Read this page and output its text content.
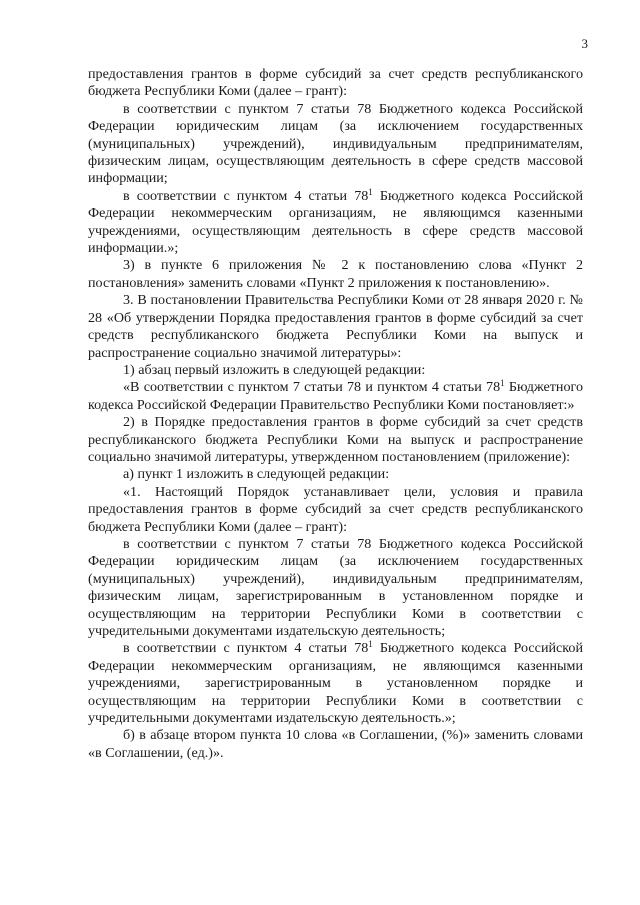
3

предоставления грантов в форме субсидий за счет средств республиканского бюджета Республики Коми (далее – грант):

в соответствии с пунктом 7 статьи 78 Бюджетного кодекса Российской Федерации юридическим лицам (за исключением государственных (муниципальных) учреждений), индивидуальным предпринимателям, физическим лицам, осуществляющим деятельность в сфере средств массовой информации;

в соответствии с пунктом 4 статьи $78^1$ Бюджетного кодекса Российской Федерации некоммерческим организациям, не являющимся казенными учреждениями, осуществляющим деятельность в сфере средств массовой информации.»;

3) в пункте 6 приложения № 2 к постановлению слова «Пункт 2 постановления» заменить словами «Пункт 2 приложения к постановлению».

3. В постановлении Правительства Республики Коми от 28 января 2020 г. № 28 «Об утверждении Порядка предоставления грантов в форме субсидий за счет средств республиканского бюджета Республики Коми на выпуск и распространение социально значимой литературы»:

1) абзац первый изложить в следующей редакции:

«В соответствии с пунктом 7 статьи 78 и пунктом 4 статьи $78^1$ Бюджетного кодекса Российской Федерации Правительство Республики Коми постановляет:»

2) в Порядке предоставления грантов в форме субсидий за счет средств республиканского бюджета Республики Коми на выпуск и распространение социально значимой литературы, утвержденном постановлением (приложение):

а) пункт 1 изложить в следующей редакции:

«1. Настоящий Порядок устанавливает цели, условия и правила предоставления грантов в форме субсидий за счет средств республиканского бюджета Республики Коми (далее – грант):

в соответствии с пунктом 7 статьи 78 Бюджетного кодекса Российской Федерации юридическим лицам (за исключением государственных (муниципальных) учреждений), индивидуальным предпринимателям, физическим лицам, зарегистрированным в установленном порядке и осуществляющим на территории Республики Коми в соответствии с учредительными документами издательскую деятельность;

в соответствии с пунктом 4 статьи $78^1$ Бюджетного кодекса Российской Федерации некоммерческим организациям, не являющимся казенными учреждениями, зарегистрированным в установленном порядке и осуществляющим на территории Республики Коми в соответствии с учредительными документами издательскую деятельность.»;

б) в абзаце втором пункта 10 слова «в Соглашении, (%)» заменить словами «в Соглашении, (ед.)».
